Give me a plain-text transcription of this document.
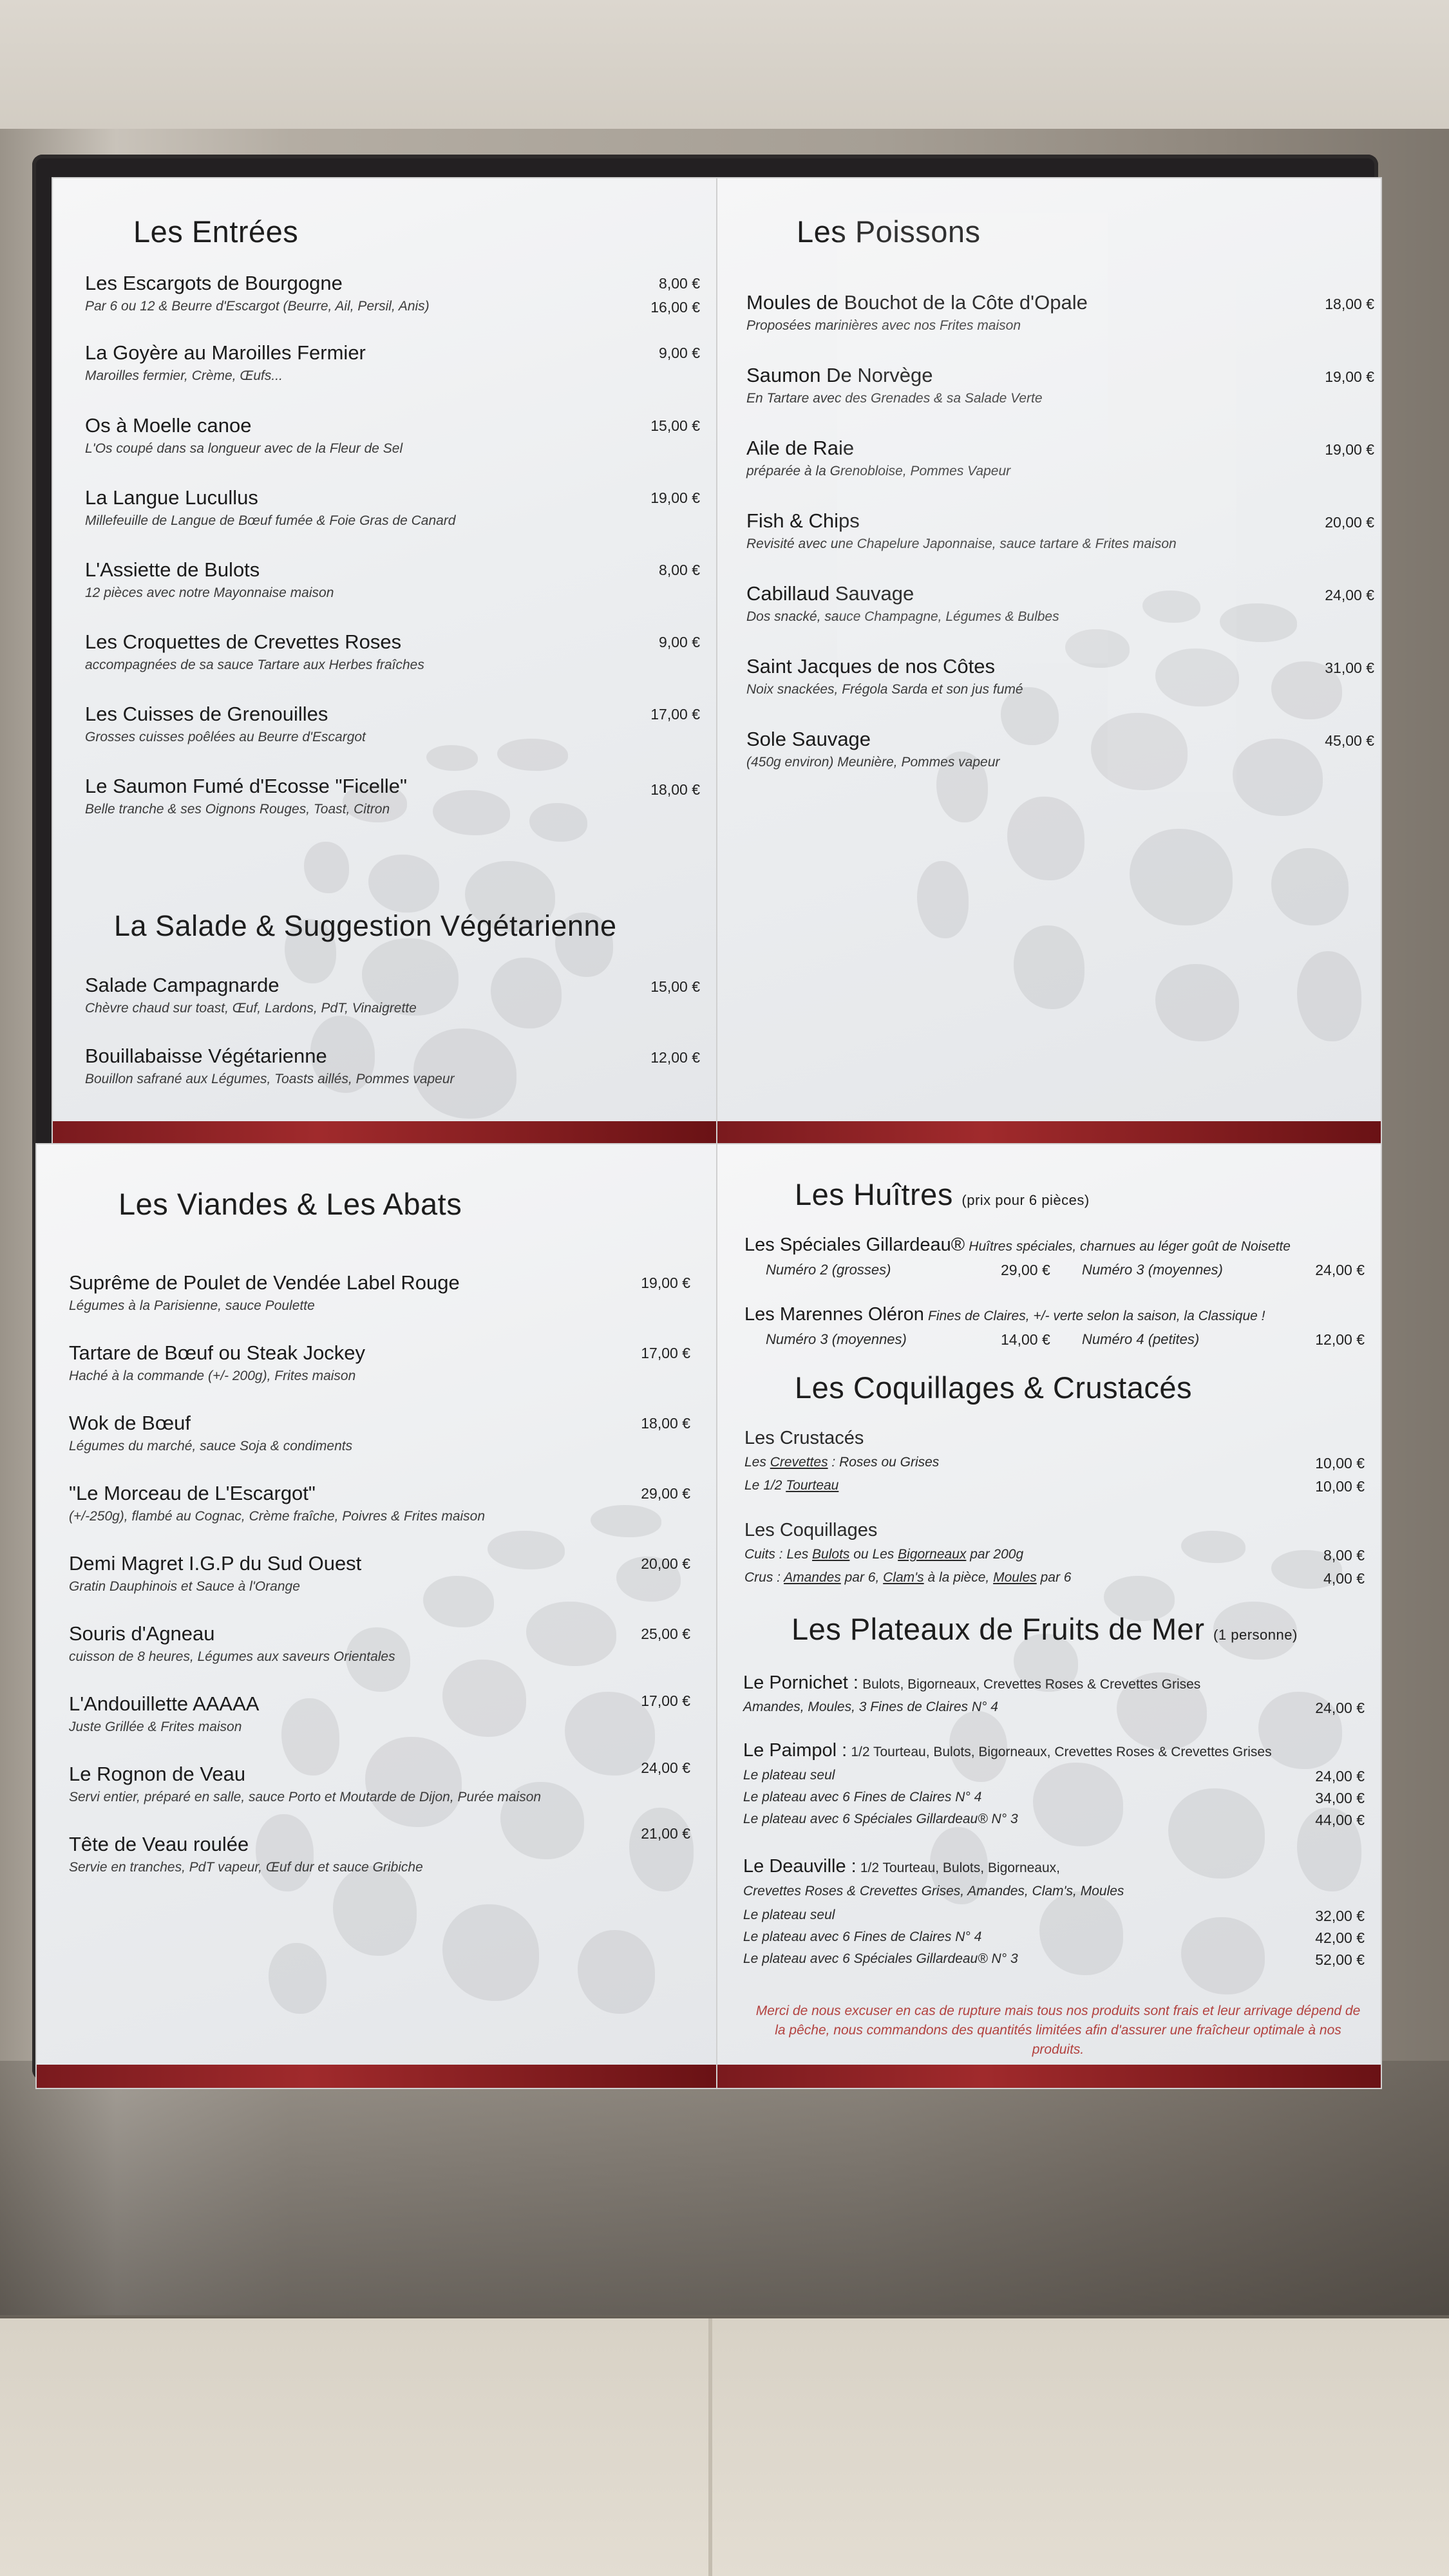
Les Entrées
Les Escargots de Bourgogne
Par 6 ou 12 & Beurre d'Escargot (Beurre, Ail, Persil, Anis)
8,00 €
16,00 €
La Goyère au Maroilles Fermier
Maroilles fermier, Crème, Œufs...
9,00 €
Os à Moelle canoe
L'Os coupé dans sa longueur avec de la Fleur de Sel
15,00 €
La Langue Lucullus
Millefeuille de Langue de Bœuf fumée & Foie Gras de Canard
19,00 €
L'Assiette de Bulots
12 pièces avec notre Mayonnaise maison
8,00 €
Les Croquettes de Crevettes Roses
accompagnées de sa sauce Tartare aux Herbes fraîches
9,00 €
Les Cuisses de Grenouilles
Grosses cuisses poêlées au Beurre d'Escargot
17,00 €
Le Saumon Fumé d'Ecosse "Ficelle"
Belle tranche & ses Oignons Rouges, Toast, Citron
18,00 €
La Salade & Suggestion Végétarienne
Salade Campagnarde
Chèvre chaud sur toast, Œuf, Lardons, PdT, Vinaigrette
15,00 €
Bouillabaisse Végétarienne
Bouillon safrané aux Légumes, Toasts aillés, Pommes vapeur
12,00 €
Les Poissons
Moules de Bouchot de la Côte d'Opale
Proposées marinières avec nos Frites maison
18,00 €
Saumon De Norvège
En Tartare avec des Grenades & sa Salade Verte
19,00 €
Aile de Raie
préparée à la Grenobloise, Pommes Vapeur
19,00 €
Fish & Chips
Revisité avec une Chapelure Japonnaise, sauce tartare & Frites maison
20,00 €
Cabillaud Sauvage
Dos snacké, sauce Champagne, Légumes & Bulbes
24,00 €
Saint Jacques de nos Côtes
Noix snackées, Frégola Sarda et son jus fumé
31,00 €
Sole Sauvage
(450g environ) Meunière, Pommes vapeur
45,00 €
Les Viandes & Les Abats
Suprême de Poulet de Vendée Label Rouge
Légumes à la Parisienne, sauce Poulette
19,00 €
Tartare de Bœuf ou Steak Jockey
Haché à la commande (+/- 200g), Frites maison
17,00 €
Wok de Bœuf
Légumes du marché, sauce Soja & condiments
18,00 €
"Le Morceau de L'Escargot"
(+/-250g), flambé au Cognac, Crème fraîche, Poivres & Frites maison
29,00 €
Demi Magret I.G.P du Sud Ouest
Gratin Dauphinois et Sauce à l'Orange
20,00 €
Souris d'Agneau
cuisson de 8 heures, Légumes aux saveurs Orientales
25,00 €
L'Andouillette AAAAA
Juste Grillée & Frites maison
17,00 €
Le Rognon de Veau
Servi entier, préparé en salle, sauce Porto et Moutarde de Dijon, Purée maison
24,00 €
Tête de Veau roulée
Servie en tranches, PdT vapeur, Œuf dur et sauce Gribiche
21,00 €
Les Huîtres (prix pour 6 pièces)
Les Spéciales Gillardeau® Huîtres spéciales, charnues au léger goût de Noisette
Numéro 2 (grosses)	29,00 € Numéro 3 (moyennes)	24,00 €
Les Marennes Oléron Fines de Claires, +/- verte selon la saison, la Classique !
Numéro 3 (moyennes)	14,00 € Numéro 4 (petites)	12,00 €
Les Coquillages & Crustacés
Les Crustacés
Les Crevettes : Roses ou Grises	10,00 €
Le 1/2 Tourteau	10,00 €
Les Coquillages
Cuits : Les Bulots ou Les Bigorneaux par 200g	8,00 €
Crus : Amandes par 6, Clam's à la pièce, Moules par 6	4,00 €
Les Plateaux de Fruits de Mer (1 personne)
Le Pornichet : Bulots, Bigorneaux, Crevettes Roses & Crevettes Grises
Amandes, Moules, 3 Fines de Claires N° 4	24,00 €
Le Paimpol : 1/2 Tourteau, Bulots, Bigorneaux, Crevettes Roses & Crevettes Grises
Le plateau seul	24,00 €
Le plateau avec 6 Fines de Claires N° 4	34,00 €
Le plateau avec 6 Spéciales Gillardeau® N° 3	44,00 €
Le Deauville : 1/2 Tourteau, Bulots, Bigorneaux,
Crevettes Roses & Crevettes Grises, Amandes, Clam's, Moules
Le plateau seul	32,00 €
Le plateau avec 6 Fines de Claires N° 4	42,00 €
Le plateau avec 6 Spéciales Gillardeau® N° 3	52,00 €
Merci de nous excuser en cas de rupture mais tous nos produits sont frais et leur arrivage dépend de la pêche, nous commandons des quantités limitées afin d'assurer une fraîcheur optimale à nos produits.
